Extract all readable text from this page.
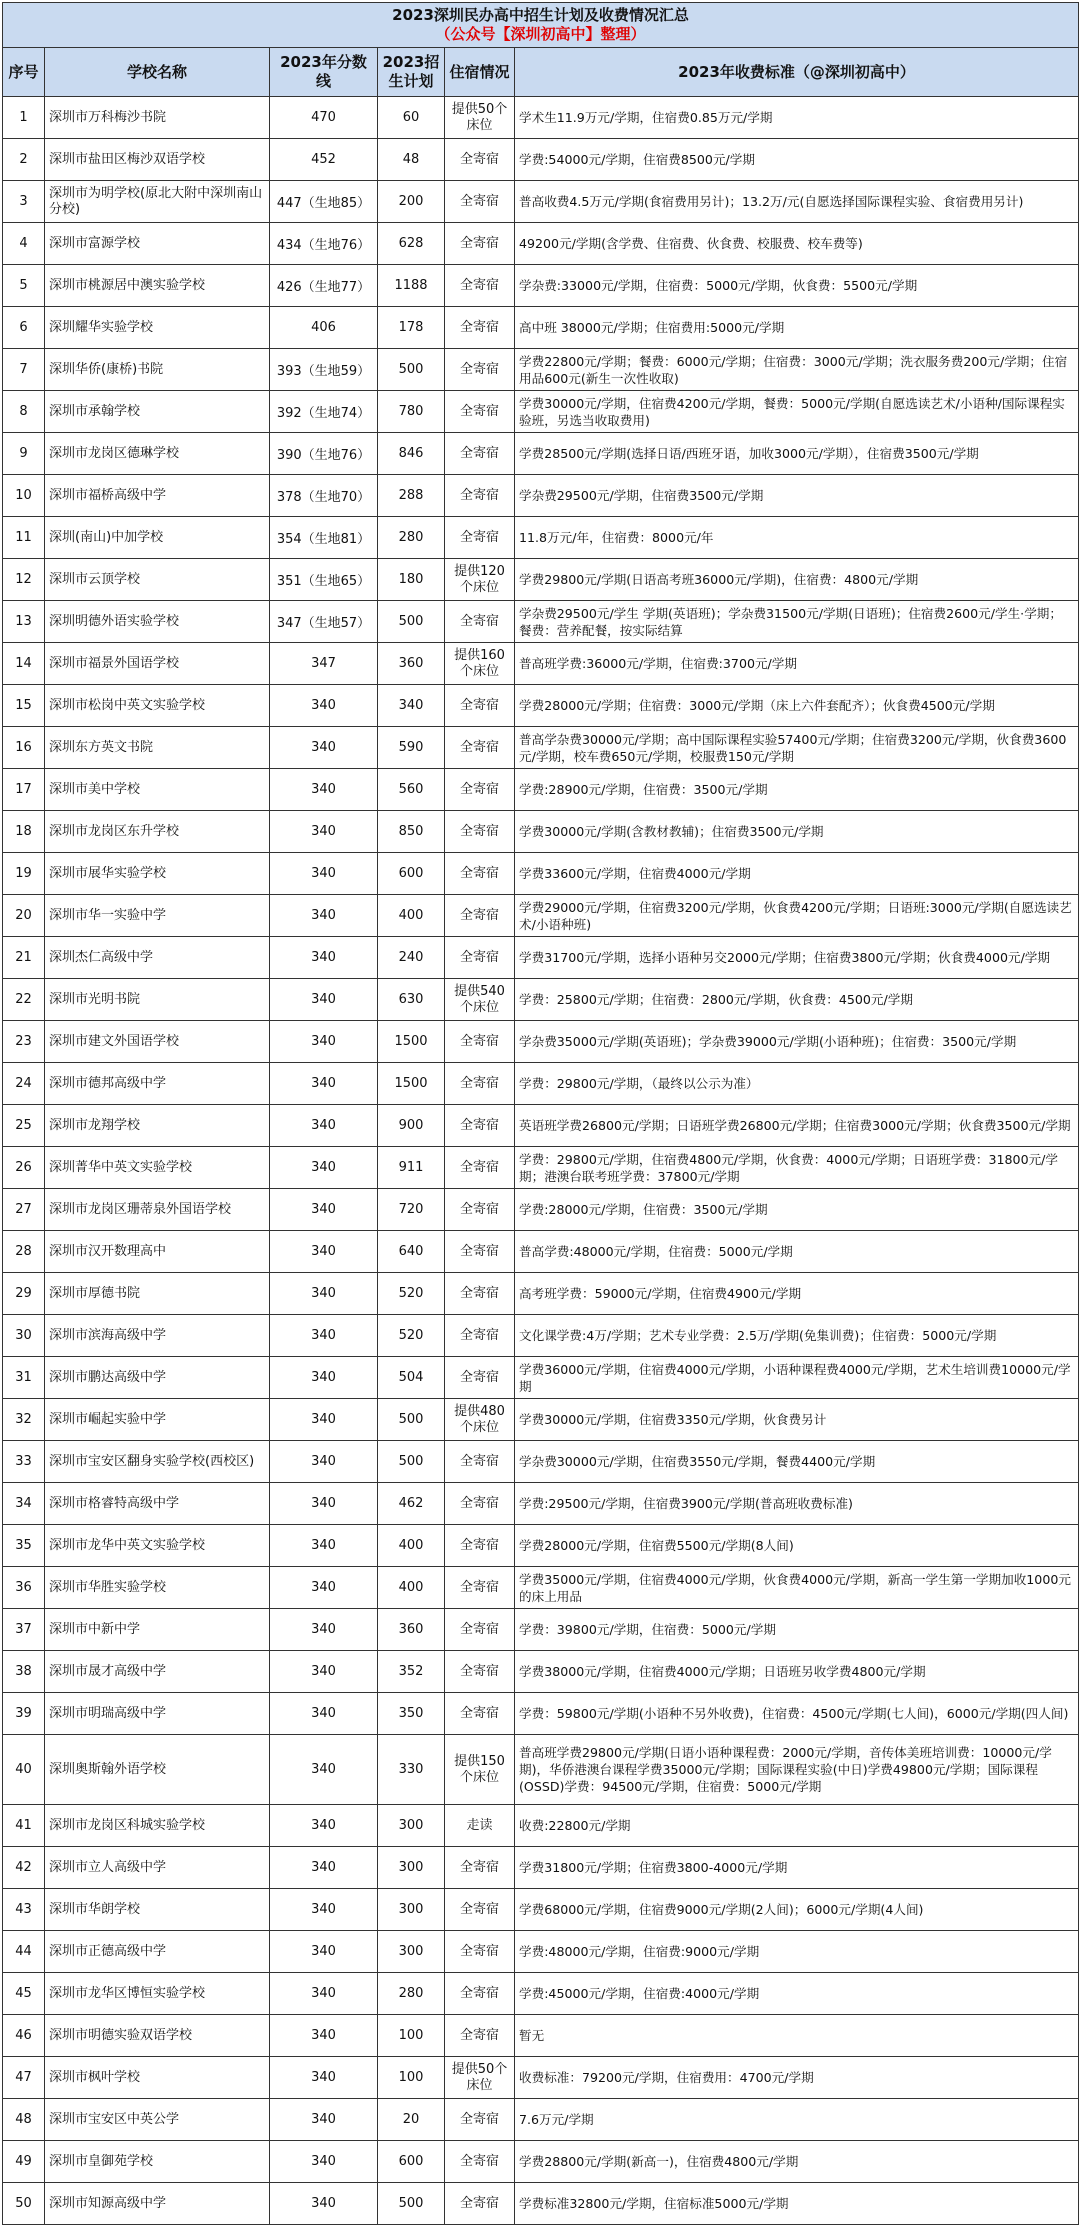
2023深圳民办高中招生计划及收费情况汇总
（公众号【深圳初高中】整理）					

序号	学校名称	2023年分数线	2023招生计划	住宿情况	2023年收费标准（@深圳初高中）
1	深圳市万科梅沙书院	470	60	提供50个床位	学术生11.9万元/学期，住宿费0.85万元/学期
2	深圳市盐田区梅沙双语学校	452	48	全寄宿	学费:54000元/学期，住宿费8500元/学期
3	深圳市为明学校(原北大附中深圳南山分校)	447（生地85）	200	全寄宿	普高收费4.5万元/学期(食宿费用另计)；13.2万/元(自愿选择国际课程实验、食宿费用另计)
4	深圳市富源学校	434（生地76）	628	全寄宿	49200元/学期(含学费、住宿费、伙食费、校服费、校车费等)
5	深圳市桃源居中澳实验学校	426（生地77）	1188	全寄宿	学杂费:33000元/学期，住宿费：5000元/学期，伙食费：5500元/学期
6	深圳耀华实验学校	406	178	全寄宿	高中班 38000元/学期；住宿费用:5000元/学期
7	深圳华侨(康桥)书院	393（生地59）	500	全寄宿	学费22800元/学期；餐费：6000元/学期；住宿费：3000元/学期；洗衣服务费200元/学期；住宿用品600元(新生一次性收取)
8	深圳市承翰学校	392（生地74）	780	全寄宿	学费30000元/学期，住宿费4200元/学期，餐费：5000元/学期(自愿选读艺术/小语种/国际课程实验班，另选当收取费用)
9	深圳市龙岗区德琳学校	390（生地76）	846	全寄宿	学费28500元/学期(选择日语/西班牙语，加收3000元/学期），住宿费3500元/学期
10	深圳市福桥高级中学	378（生地70）	288	全寄宿	学杂费29500元/学期，住宿费3500元/学期
11	深圳(南山)中加学校	354（生地81）	280	全寄宿	11.8万元/年，住宿费：8000元/年
12	深圳市云顶学校	351（生地65）	180	提供120个床位	学费29800元/学期(日语高考班36000元/学期)，住宿费：4800元/学期
13	深圳明德外语实验学校	347（生地57）	500	全寄宿	学杂费29500元/学生 学期(英语班)；学杂费31500元/学期(日语班)；住宿费2600元/学生·学期；餐费：营养配餐，按实际结算
14	深圳市福景外国语学校	347	360	提供160个床位	普高班学费:36000元/学期，住宿费:3700元/学期
15	深圳市松岗中英文实验学校	340	340	全寄宿	学费28000元/学期；住宿费：3000元/学期（床上六件套配齐）；伙食费4500元/学期
16	深圳东方英文书院	340	590	全寄宿	普高学杂费30000元/学期；高中国际课程实验57400元/学期；住宿费3200元/学期，伙食费3600元/学期，校车费650元/学期，校服费150元/学期
17	深圳市美中学校	340	560	全寄宿	学费:28900元/学期，住宿费：3500元/学期
18	深圳市龙岗区东升学校	340	850	全寄宿	学费30000元/学期(含教材教辅)；住宿费3500元/学期
19	深圳市展华实验学校	340	600	全寄宿	学费33600元/学期，住宿费4000元/学期
20	深圳市华一实验中学	340	400	全寄宿	学费29000元/学期，住宿费3200元/学期，伙食费4200元/学期；日语班:3000元/学期(自愿选读艺术/小语种班)
21	深圳杰仁高级中学	340	240	全寄宿	学费31700元/学期，选择小语种另交2000元/学期；住宿费3800元/学期；伙食费4000元/学期
22	深圳市光明书院	340	630	提供540个床位	学费：25800元/学期；住宿费：2800元/学期，伙食费：4500元/学期
23	深圳市建文外国语学校	340	1500	全寄宿	学杂费35000元/学期(英语班)；学杂费39000元/学期(小语种班)；住宿费：3500元/学期
24	深圳市德邦高级中学	340	1500	全寄宿	学费：29800元/学期，（最终以公示为准）
25	深圳市龙翔学校	340	900	全寄宿	英语班学费26800元/学期；日语班学费26800元/学期；住宿费3000元/学期；伙食费3500元/学期
26	深圳菁华中英文实验学校	340	911	全寄宿	学费：29800元/学期，住宿费4800元/学期，伙食费：4000元/学期；日语班学费：31800元/学期；港澳台联考班学费：37800元/学期
27	深圳市龙岗区珊蒂泉外国语学校	340	720	全寄宿	学费:28000元/学期，住宿费：3500元/学期
28	深圳市汉开数理高中	340	640	全寄宿	普高学费:48000元/学期，住宿费：5000元/学期
29	深圳市厚德书院	340	520	全寄宿	高考班学费：59000元/学期，住宿费4900元/学期
30	深圳市滨海高级中学	340	520	全寄宿	文化课学费:4万/学期；艺术专业学费：2.5万/学期(免集训费)；住宿费：5000元/学期
31	深圳市鹏达高级中学	340	504	全寄宿	学费36000元/学期，住宿费4000元/学期，小语种课程费4000元/学期，艺术生培训费10000元/学期
32	深圳市崛起实验中学	340	500	提供480个床位	学费30000元/学期，住宿费3350元/学期，伙食费另计
33	深圳市宝安区翻身实验学校(西校区)	340	500	全寄宿	学杂费30000元/学期，住宿费3550元/学期，餐费4400元/学期
34	深圳市格睿特高级中学	340	462	全寄宿	学费:29500元/学期，住宿费3900元/学期(普高班收费标准)
35	深圳市龙华中英文实验学校	340	400	全寄宿	学费28000元/学期，住宿费5500元/学期(8人间)
36	深圳市华胜实验学校	340	400	全寄宿	学费35000元/学期，住宿费4000元/学期，伙食费4000元/学期，新高一学生第一学期加收1000元的床上用品
37	深圳市中新中学	340	360	全寄宿	学费：39800元/学期，住宿费：5000元/学期
38	深圳市晟才高级中学	340	352	全寄宿	学费38000元/学期，住宿费4000元/学期；日语班另收学费4800元/学期
39	深圳市明瑞高级中学	340	350	全寄宿	学费：59800元/学期(小语种不另外收费)，住宿费：4500元/学期(七人间)，6000元/学期(四人间)
40	深圳奥斯翰外语学校	340	330	提供150个床位	普高班学费29800元/学期(日语小语种课程费：2000元/学期，音传体美班培训费：10000元/学期)，华侨港澳台课程学费35000元/学期；国际课程实验(中日)学费49800元/学期；国际课程(OSSD)学费：94500元/学期，住宿费：5000元/学期
41	深圳市龙岗区科城实验学校	340	300	走读	收费:22800元/学期
42	深圳市立人高级中学	340	300	全寄宿	学费31800元/学期；住宿费3800-4000元/学期
43	深圳市华朗学校	340	300	全寄宿	学费68000元/学期，住宿费9000元/学期(2人间)；6000元/学期(4人间)
44	深圳市正德高级中学	340	300	全寄宿	学费:48000元/学期，住宿费:9000元/学期
45	深圳市龙华区博恒实验学校	340	280	全寄宿	学费:45000元/学期，住宿费:4000元/学期
46	深圳市明德实验双语学校	340	100	全寄宿	暂无
47	深圳市枫叶学校	340	100	提供50个床位	收费标准：79200元/学期，住宿费用：4700元/学期
48	深圳市宝安区中英公学	340	20	全寄宿	7.6万元/学期
49	深圳市皇御苑学校	340	600	全寄宿	学费28800元/学期(新高一)，住宿费4800元/学期
50	深圳市知源高级中学	340	500	全寄宿	学费标准32800元/学期，住宿标准5000元/学期
